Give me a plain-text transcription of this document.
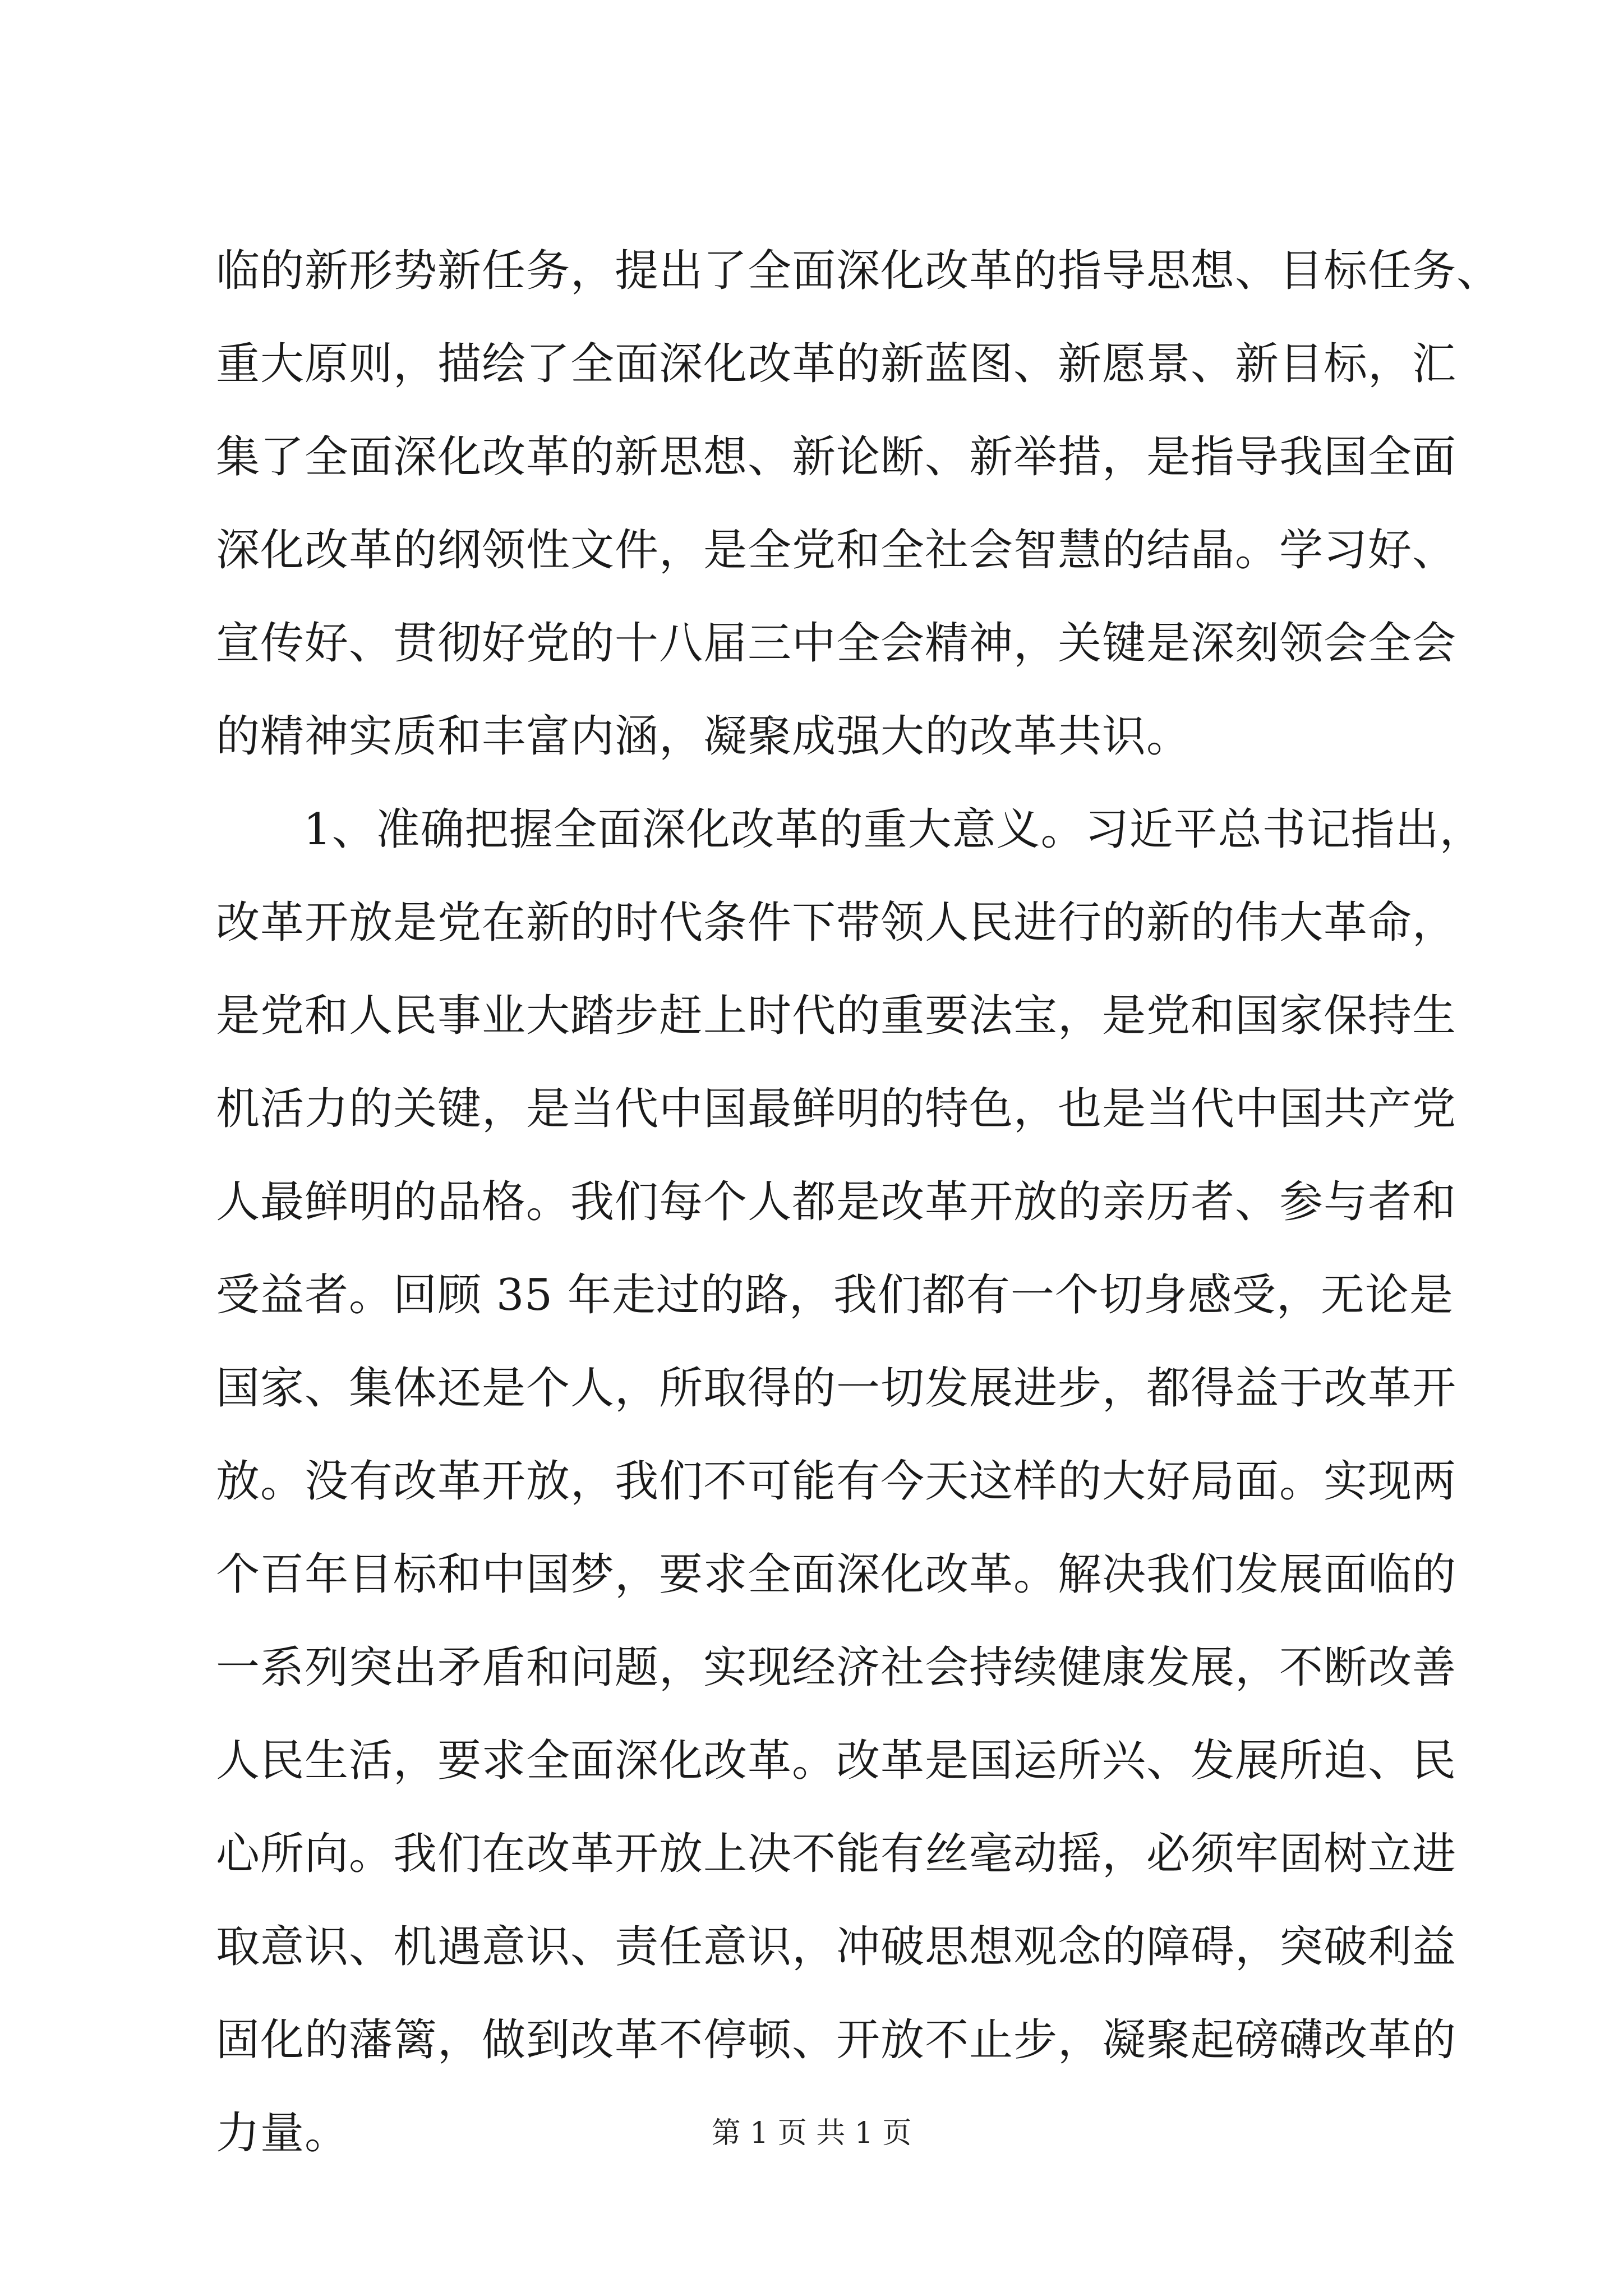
临的新形势新任务，提出了全面深化改革的指导思想、目标任务、
重大原则，描绘了全面深化改革的新蓝图、新愿景、新目标，汇
集了全面深化改革的新思想、新论断、新举措，是指导我国全面
深化改革的纲领性文件，是全党和全社会智慧的结晶。学习好、
宣传好、贯彻好党的十八届三中全会精神，关键是深刻领会全会
的精神实质和丰富内涵，凝聚成强大的改革共识。
1、准确把握全面深化改革的重大意义。习近平总书记指出，
改革开放是党在新的时代条件下带领人民进行的新的伟大革命，
是党和人民事业大踏步赶上时代的重要法宝，是党和国家保持生
机活力的关键，是当代中国最鲜明的特色，也是当代中国共产党
人最鲜明的品格。我们每个人都是改革开放的亲历者、参与者和
受益者。回顾 35 年走过的路，我们都有一个切身感受，无论是
国家、集体还是个人，所取得的一切发展进步，都得益于改革开
放。没有改革开放，我们不可能有今天这样的大好局面。实现两
个百年目标和中国梦，要求全面深化改革。解决我们发展面临的
一系列突出矛盾和问题，实现经济社会持续健康发展，不断改善
人民生活，要求全面深化改革。改革是国运所兴、发展所迫、民
心所向。我们在改革开放上决不能有丝毫动摇，必须牢固树立进
取意识、机遇意识、责任意识，冲破思想观念的障碍，突破利益
固化的藩篱，做到改革不停顿、开放不止步，凝聚起磅礴改革的
力量。	第 1 页 共 1 页
